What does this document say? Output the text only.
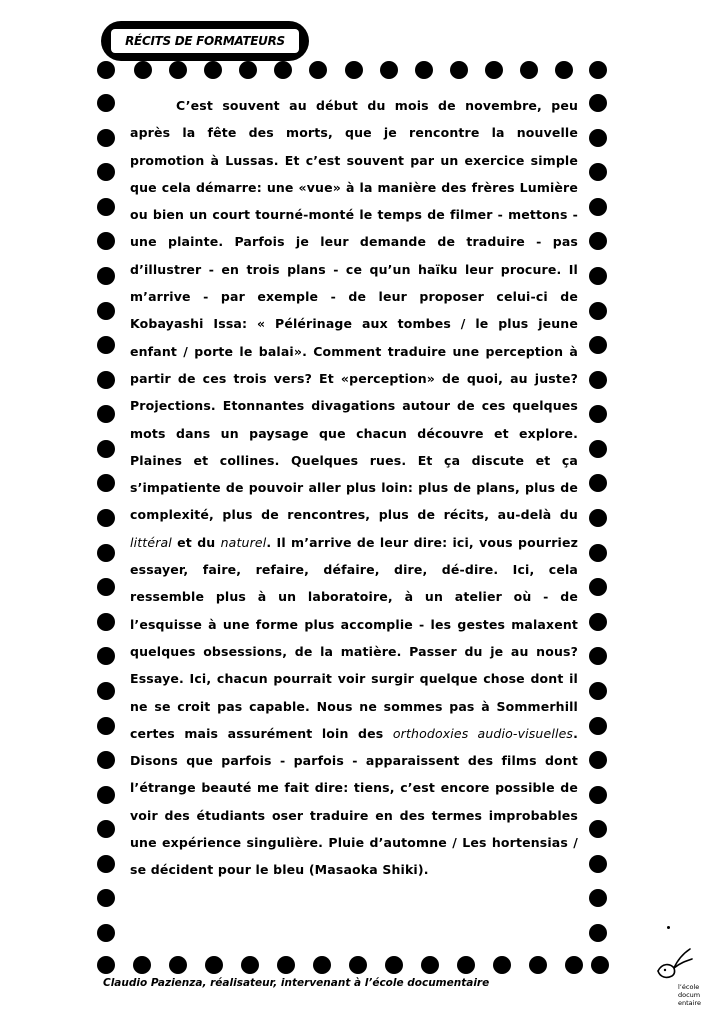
RÉCITS DE FORMATEURS

C’est souvent au début du mois de novembre, peu après la fête des morts, que je rencontre la nouvelle promotion à Lussas. Et c’est souvent par un exercice simple que cela démarre: une «vue» à la manière des frères Lumière ou bien un court tourné-monté le temps de filmer - mettons - une plainte. Parfois je leur demande de traduire - pas d’illustrer - en trois plans - ce qu’un haïku leur procure. Il m’arrive - par exemple - de leur proposer celui-ci de Kobayashi Issa: « Pélérinage aux tombes / le plus jeune enfant / porte le balai». Comment traduire une perception à partir de ces trois vers? Et «perception» de quoi, au juste? Projections. Etonnantes divagations autour de ces quelques mots dans un paysage que chacun découvre et explore. Plaines et collines. Quelques rues. Et ça discute et ça s’impatiente de pouvoir aller plus loin: plus de plans, plus de complexité, plus de rencontres, plus de récits, au-delà du littéral et du naturel. Il m’arrive de leur dire: ici, vous pourriez essayer, faire, refaire, défaire, dire, dé-dire. Ici, cela ressemble plus à un laboratoire, à un atelier où - de l’esquisse à une forme plus accomplie - les gestes malaxent quelques obsessions, de la matière. Passer du je au nous? Essaye. Ici, chacun pourrait voir surgir quelque chose dont il ne se croit pas capable. Nous ne sommes pas à Sommerhill certes mais assurément loin des orthodoxies audio-visuelles. Disons que parfois - parfois - apparaissent des films dont l’étrange beauté me fait dire: tiens, c’est encore possible de voir des étudiants oser traduire en des termes improbables une expérience singulière. Pluie d’automne / Les hortensias / se décident pour le bleu (Masaoka Shiki).

Claudio Pazienza, réalisateur, intervenant à l’école documentaire	l’école
docum
entaire
